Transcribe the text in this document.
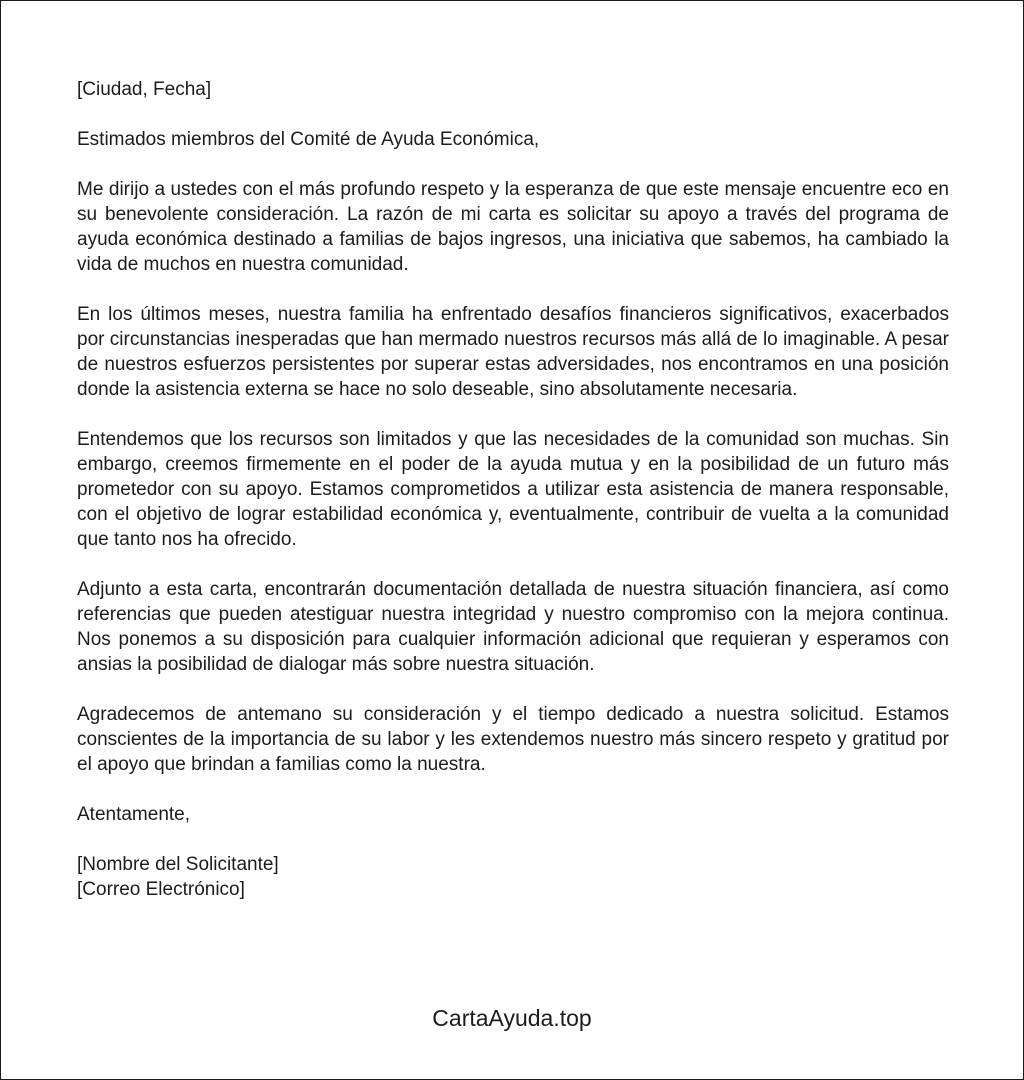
[Ciudad, Fecha]

Estimados miembros del Comité de Ayuda Económica,

Me dirijo a ustedes con el más profundo respeto y la esperanza de que este mensaje encuentre eco en su benevolente consideración. La razón de mi carta es solicitar su apoyo a través del programa de ayuda económica destinado a familias de bajos ingresos, una iniciativa que sabemos, ha cambiado la vida de muchos en nuestra comunidad.

En los últimos meses, nuestra familia ha enfrentado desafíos financieros significativos, exacerbados por circunstancias inesperadas que han mermado nuestros recursos más allá de lo imaginable. A pesar de nuestros esfuerzos persistentes por superar estas adversidades, nos encontramos en una posición donde la asistencia externa se hace no solo deseable, sino absolutamente necesaria.

Entendemos que los recursos son limitados y que las necesidades de la comunidad son muchas. Sin embargo, creemos firmemente en el poder de la ayuda mutua y en la posibilidad de un futuro más prometedor con su apoyo. Estamos comprometidos a utilizar esta asistencia de manera responsable, con el objetivo de lograr estabilidad económica y, eventualmente, contribuir de vuelta a la comunidad que tanto nos ha ofrecido.

Adjunto a esta carta, encontrarán documentación detallada de nuestra situación financiera, así como referencias que pueden atestiguar nuestra integridad y nuestro compromiso con la mejora continua. Nos ponemos a su disposición para cualquier información adicional que requieran y esperamos con ansias la posibilidad de dialogar más sobre nuestra situación.

Agradecemos de antemano su consideración y el tiempo dedicado a nuestra solicitud. Estamos conscientes de la importancia de su labor y les extendemos nuestro más sincero respeto y gratitud por el apoyo que brindan a familias como la nuestra.

Atentamente,

[Nombre del Solicitante]
[Correo Electrónico]
CartaAyuda.top
